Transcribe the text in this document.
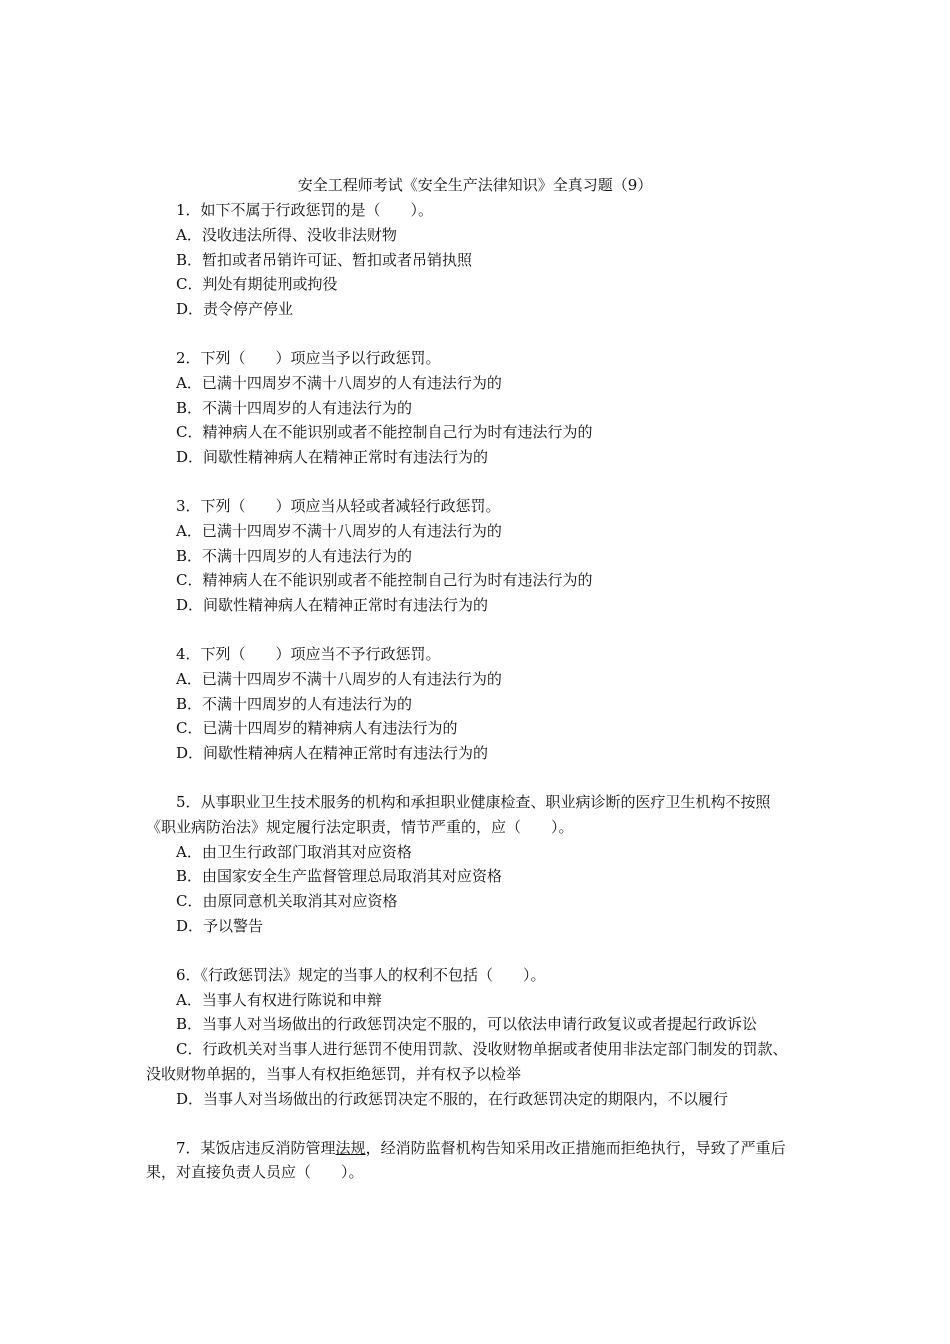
安全工程师考试《安全生产法律知识》全真习题（9）
1．如下不属于行政惩罚的是（　　）。
A．没收违法所得、没收非法财物
B．暂扣或者吊销许可证、暂扣或者吊销执照
C．判处有期徒刑或拘役
D．责令停产停业
2．下列（　　）项应当予以行政惩罚。
A．已满十四周岁不满十八周岁的人有违法行为的
B．不满十四周岁的人有违法行为的
C．精神病人在不能识别或者不能控制自己行为时有违法行为的
D．间歇性精神病人在精神正常时有违法行为的
3．下列（　　）项应当从轻或者减轻行政惩罚。
A．已满十四周岁不满十八周岁的人有违法行为的
B．不满十四周岁的人有违法行为的
C．精神病人在不能识别或者不能控制自己行为时有违法行为的
D．间歇性精神病人在精神正常时有违法行为的
4．下列（　　）项应当不予行政惩罚。
A．已满十四周岁不满十八周岁的人有违法行为的
B．不满十四周岁的人有违法行为的
C．已满十四周岁的精神病人有违法行为的
D．间歇性精神病人在精神正常时有违法行为的
5．从事职业卫生技术服务的机构和承担职业健康检查、职业病诊断的医疗卫生机构不按照《职业病防治法》规定履行法定职责，情节严重的，应（　　）。
A．由卫生行政部门取消其对应资格
B．由国家安全生产监督管理总局取消其对应资格
C．由原同意机关取消其对应资格
D．予以警告
6．《行政惩罚法》规定的当事人的权利不包括（　　）。
A．当事人有权进行陈说和申辩
B．当事人对当场做出的行政惩罚决定不服的，可以依法申请行政复议或者提起行政诉讼
C．行政机关对当事人进行惩罚不使用罚款、没收财物单据或者使用非法定部门制发的罚款、没收财物单据的，当事人有权拒绝惩罚，并有权予以检举
D．当事人对当场做出的行政惩罚决定不服的，在行政惩罚决定的期限内，不以履行
7．某饭店违反消防管理法规，经消防监督机构告知采用改正措施而拒绝执行，导致了严重后果，对直接负责人员应（　　）。
